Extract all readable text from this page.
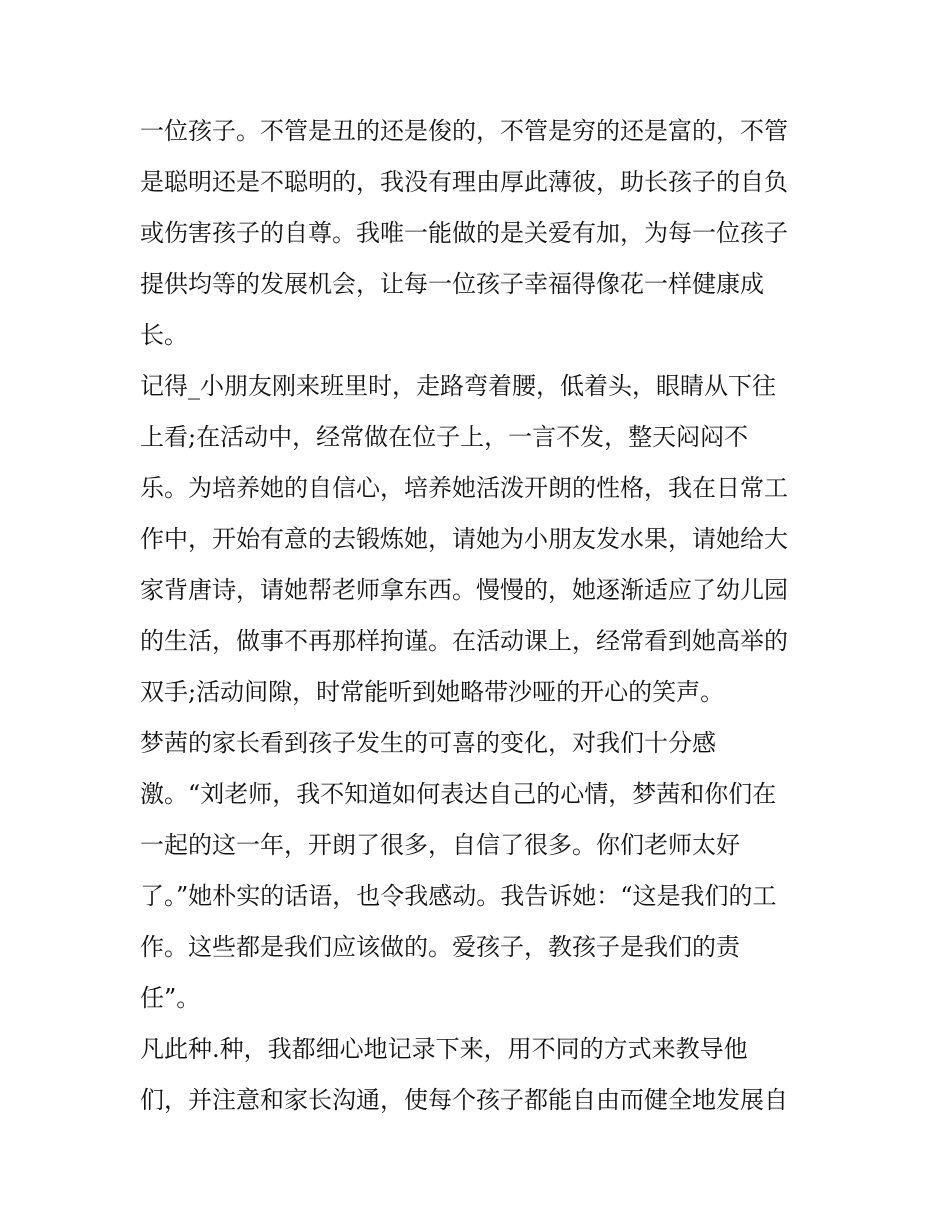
一位孩子。不管是丑的还是俊的，不管是穷的还是富的，不管
是聪明还是不聪明的，我没有理由厚此薄彼，助长孩子的自负
或伤害孩子的自尊。我唯一能做的是关爱有加，为每一位孩子
提供均等的发展机会，让每一位孩子幸福得像花一样健康成
长。
记得_小朋友刚来班里时，走路弯着腰，低着头，眼睛从下往
上看;在活动中，经常做在位子上，一言不发，整天闷闷不
乐。为培养她的自信心，培养她活泼开朗的性格，我在日常工
作中，开始有意的去锻炼她，请她为小朋友发水果，请她给大
家背唐诗，请她帮老师拿东西。慢慢的，她逐渐适应了幼儿园
的生活，做事不再那样拘谨。在活动课上，经常看到她高举的
双手;活动间隙，时常能听到她略带沙哑的开心的笑声。
梦茜的家长看到孩子发生的可喜的变化，对我们十分感
激。“刘老师，我不知道如何表达自己的心情，梦茜和你们在
一起的这一年，开朗了很多，自信了很多。你们老师太好
了。”她朴实的话语，也令我感动。我告诉她：“这是我们的工
作。这些都是我们应该做的。爱孩子，教孩子是我们的责
任”。
凡此种.种，我都细心地记录下来，用不同的方式来教导他
们，并注意和家长沟通，使每个孩子都能自由而健全地发展自
